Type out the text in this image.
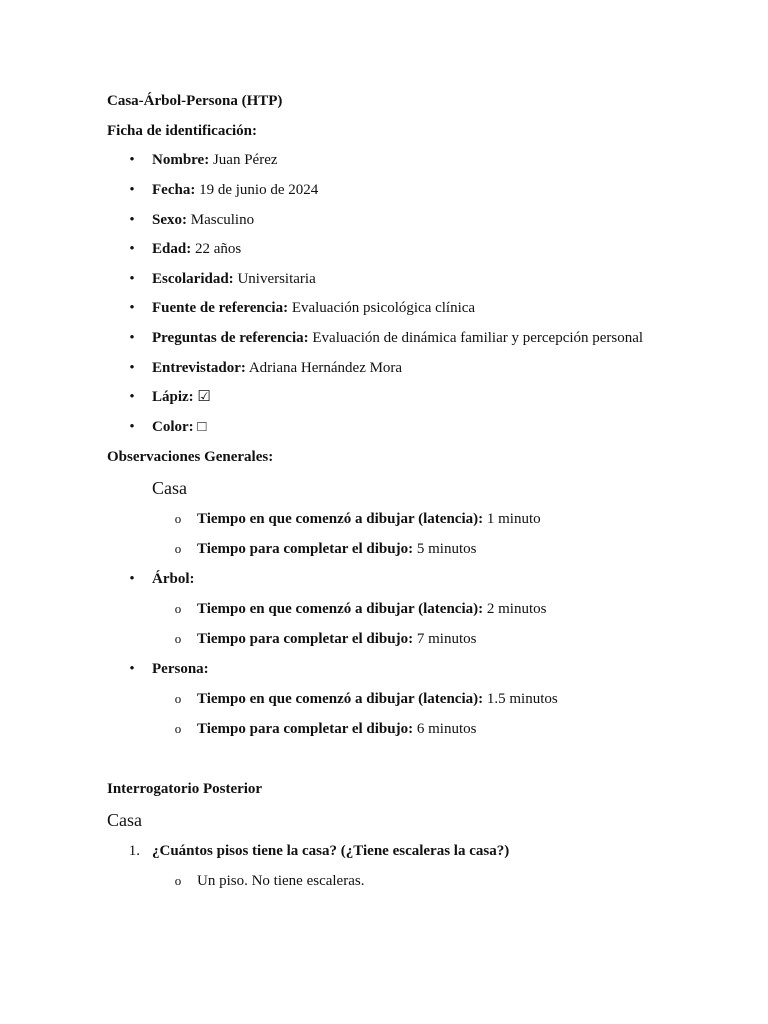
Casa-Árbol-Persona (HTP)
Ficha de identificación:
• Nombre: Juan Pérez
• Fecha: 19 de junio de 2024
• Sexo: Masculino
• Edad: 22 años
• Escolaridad: Universitaria
• Fuente de referencia: Evaluación psicológica clínica
• Preguntas de referencia: Evaluación de dinámica familiar y percepción personal
• Entrevistador: Adriana Hernández Mora
• Lápiz: ☑
• Color: □
Observaciones Generales:
Casa
o Tiempo en que comenzó a dibujar (latencia): 1 minuto
o Tiempo para completar el dibujo: 5 minutos
• Árbol:
o Tiempo en que comenzó a dibujar (latencia): 2 minutos
o Tiempo para completar el dibujo: 7 minutos
• Persona:
o Tiempo en que comenzó a dibujar (latencia): 1.5 minutos
o Tiempo para completar el dibujo: 6 minutos
Interrogatorio Posterior
Casa
1. ¿Cuántos pisos tiene la casa? (¿Tiene escaleras la casa?)
o Un piso. No tiene escaleras.
